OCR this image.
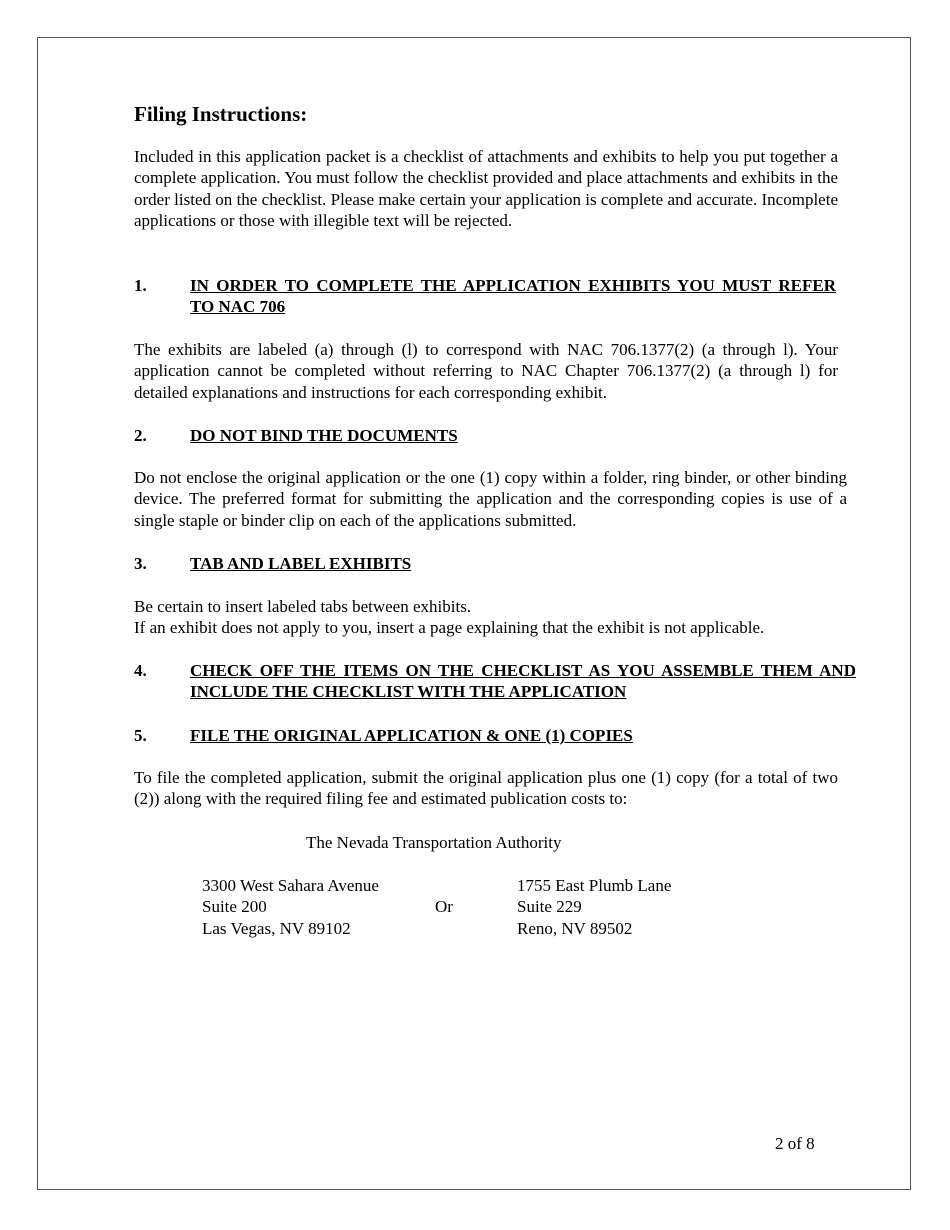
Filing Instructions:

Included in this application packet is a checklist of attachments and exhibits to help you put together a complete application. You must follow the checklist provided and place attachments and exhibits in the order listed on the checklist. Please make certain your application is complete and accurate. Incomplete applications or those with illegible text will be rejected.

1.	IN ORDER TO COMPLETE THE APPLICATION EXHIBITS YOU MUST REFER TO NAC 706

The exhibits are labeled (a) through (l) to correspond with NAC 706.1377(2) (a through l). Your application cannot be completed without referring to NAC Chapter 706.1377(2) (a through l) for detailed explanations and instructions for each corresponding exhibit.

2.	DO NOT BIND THE DOCUMENTS

Do not enclose the original application or the one (1) copy within a folder, ring binder, or other binding device. The preferred format for submitting the application and the corresponding copies is use of a single staple or binder clip on each of the applications submitted.

3.	TAB AND LABEL EXHIBITS
Be certain to insert labeled tabs between exhibits.
If an exhibit does not apply to you, insert a page explaining that the exhibit is not applicable.
4.	CHECK OFF THE ITEMS ON THE CHECKLIST AS YOU ASSEMBLE THEM AND INCLUDE THE CHECKLIST WITH THE APPLICATION
5.	FILE THE ORIGINAL APPLICATION & ONE (1) COPIES

To file the completed application, submit the original application plus one (1) copy (for a total of two (2)) along with the required filing fee and estimated publication costs to:

The Nevada Transportation Authority
3300 West Sahara Avenue
Suite 200
Las Vegas, NV 89102
Or
1755 East Plumb Lane
Suite 229
Reno, NV 89502
2 of 8
